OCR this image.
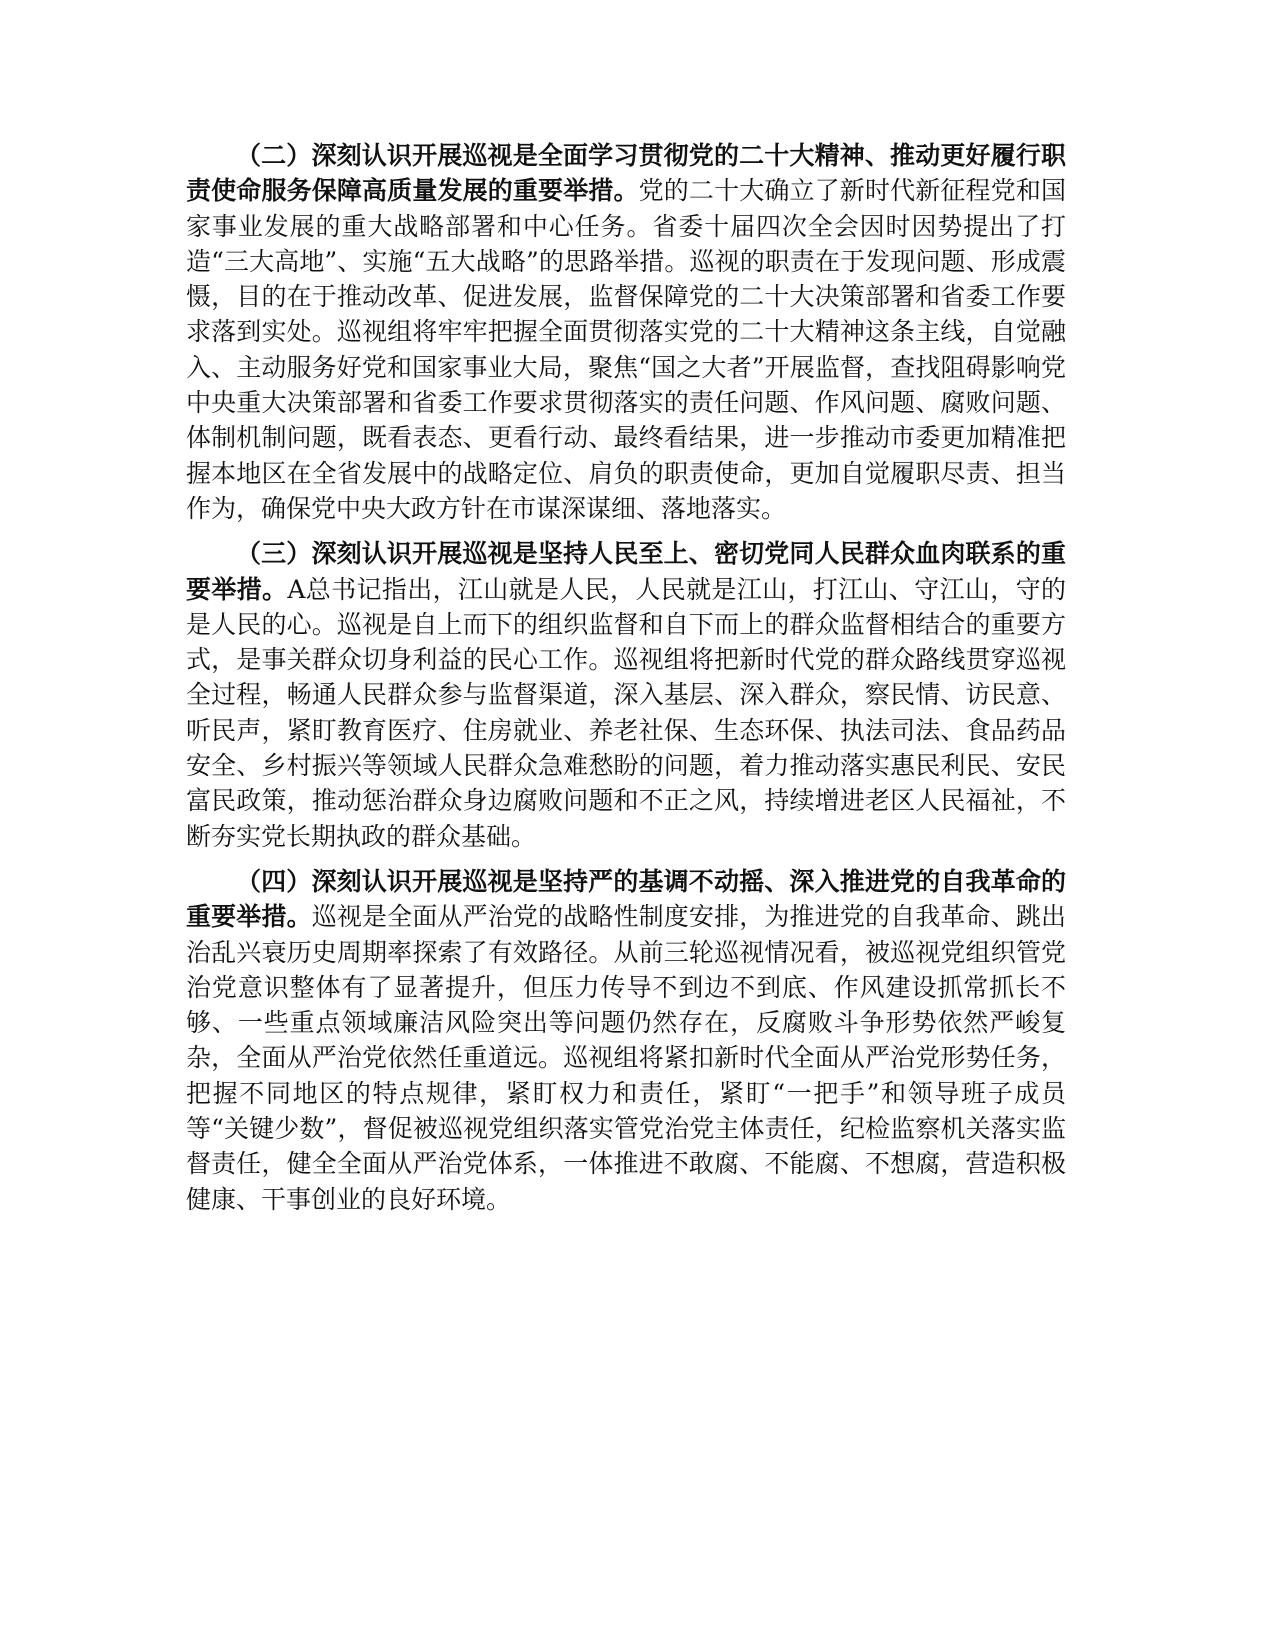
（二）深刻认识开展巡视是全面学习贯彻党的二十大精神、推动更好履行职责使命服务保障高质量发展的重要举措。党的二十大确立了新时代新征程党和国家事业发展的重大战略部署和中心任务。省委十届四次全会因时因势提出了打造“三大高地”、实施“五大战略”的思路举措。巡视的职责在于发现问题、形成震慑，目的在于推动改革、促进发展，监督保障党的二十大决策部署和省委工作要求落到实处。巡视组将牢牢把握全面贯彻落实党的二十大精神这条主线，自觉融入、主动服务好党和国家事业大局，聚焦“国之大者”开展监督，查找阻碍影响党中央重大决策部署和省委工作要求贯彻落实的责任问题、作风问题、腐败问题、体制机制问题，既看表态、更看行动、最终看结果，进一步推动市委更加精准把握本地区在全省发展中的战略定位、肩负的职责使命，更加自觉履职尽责、担当作为，确保党中央大政方针在市谋深谋细、落地落实。

（三）深刻认识开展巡视是坚持人民至上、密切党同人民群众血肉联系的重要举措。A总书记指出，江山就是人民，人民就是江山，打江山、守江山，守的是人民的心。巡视是自上而下的组织监督和自下而上的群众监督相结合的重要方式，是事关群众切身利益的民心工作。巡视组将把新时代党的群众路线贯穿巡视全过程，畅通人民群众参与监督渠道，深入基层、深入群众，察民情、访民意、听民声，紧盯教育医疗、住房就业、养老社保、生态环保、执法司法、食品药品安全、乡村振兴等领域人民群众急难愁盼的问题，着力推动落实惠民利民、安民富民政策，推动惩治群众身边腐败问题和不正之风，持续增进老区人民福祉，不断夯实党长期执政的群众基础。

（四）深刻认识开展巡视是坚持严的基调不动摇、深入推进党的自我革命的重要举措。巡视是全面从严治党的战略性制度安排，为推进党的自我革命、跳出治乱兴衰历史周期率探索了有效路径。从前三轮巡视情况看，被巡视党组织管党治党意识整体有了显著提升，但压力传导不到边不到底、作风建设抓常抓长不够、一些重点领域廉洁风险突出等问题仍然存在，反腐败斗争形势依然严峻复杂，全面从严治党依然任重道远。巡视组将紧扣新时代全面从严治党形势任务，把握不同地区的特点规律，紧盯权力和责任，紧盯“一把手”和领导班子成员等“关键少数”，督促被巡视党组织落实管党治党主体责任，纪检监察机关落实监督责任，健全全面从严治党体系，一体推进不敢腐、不能腐、不想腐，营造积极健康、干事创业的良好环境。
